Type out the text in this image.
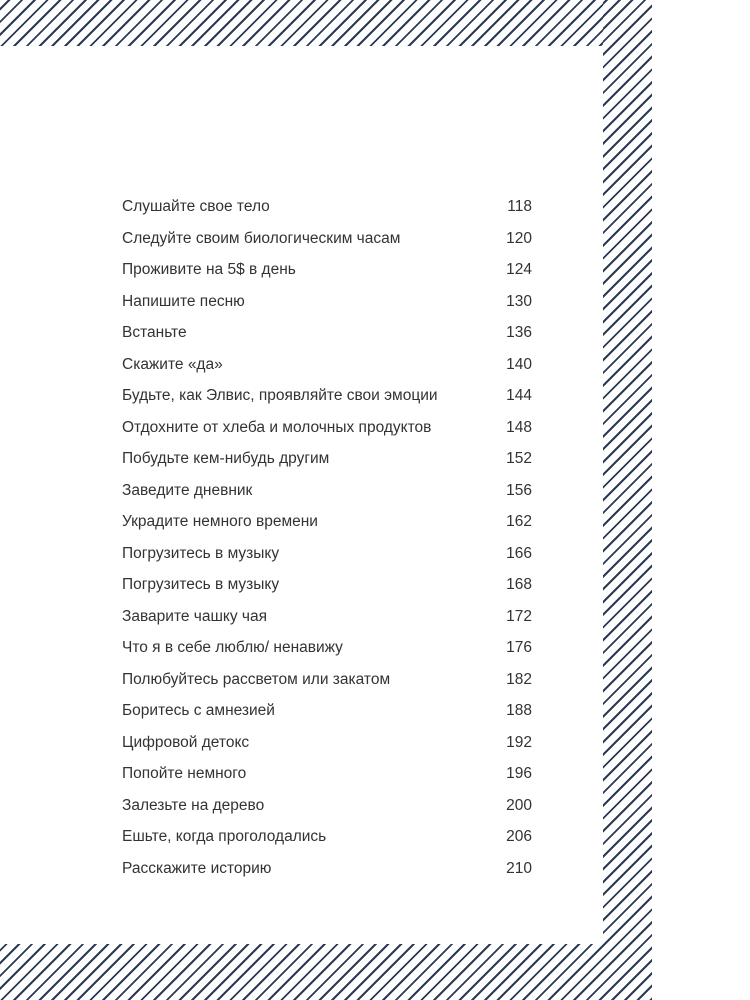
Слушайте свое тело	118
Следуйте своим биологическим часам	120
Проживите на 5$ в день	124
Напишите песню	130
Встаньте	136
Скажите «да»	140
Будьте, как Элвис, проявляйте свои эмоции	144
Отдохните от хлеба и молочных продуктов	148
Побудьте кем-нибудь другим	152
Заведите дневник	156
Украдите немного времени	162
Погрузитесь в музыку	166
Погрузитесь в музыку	168
Заварите чашку чая	172
Что я в себе люблю/ ненавижу	176
Полюбуйтесь рассветом или закатом	182
Боритесь с амнезией	188
Цифровой детокс	192
Попойте немного	196
Залезьте на дерево	200
Ешьте, когда проголодались	206
Расскажите историю	210
